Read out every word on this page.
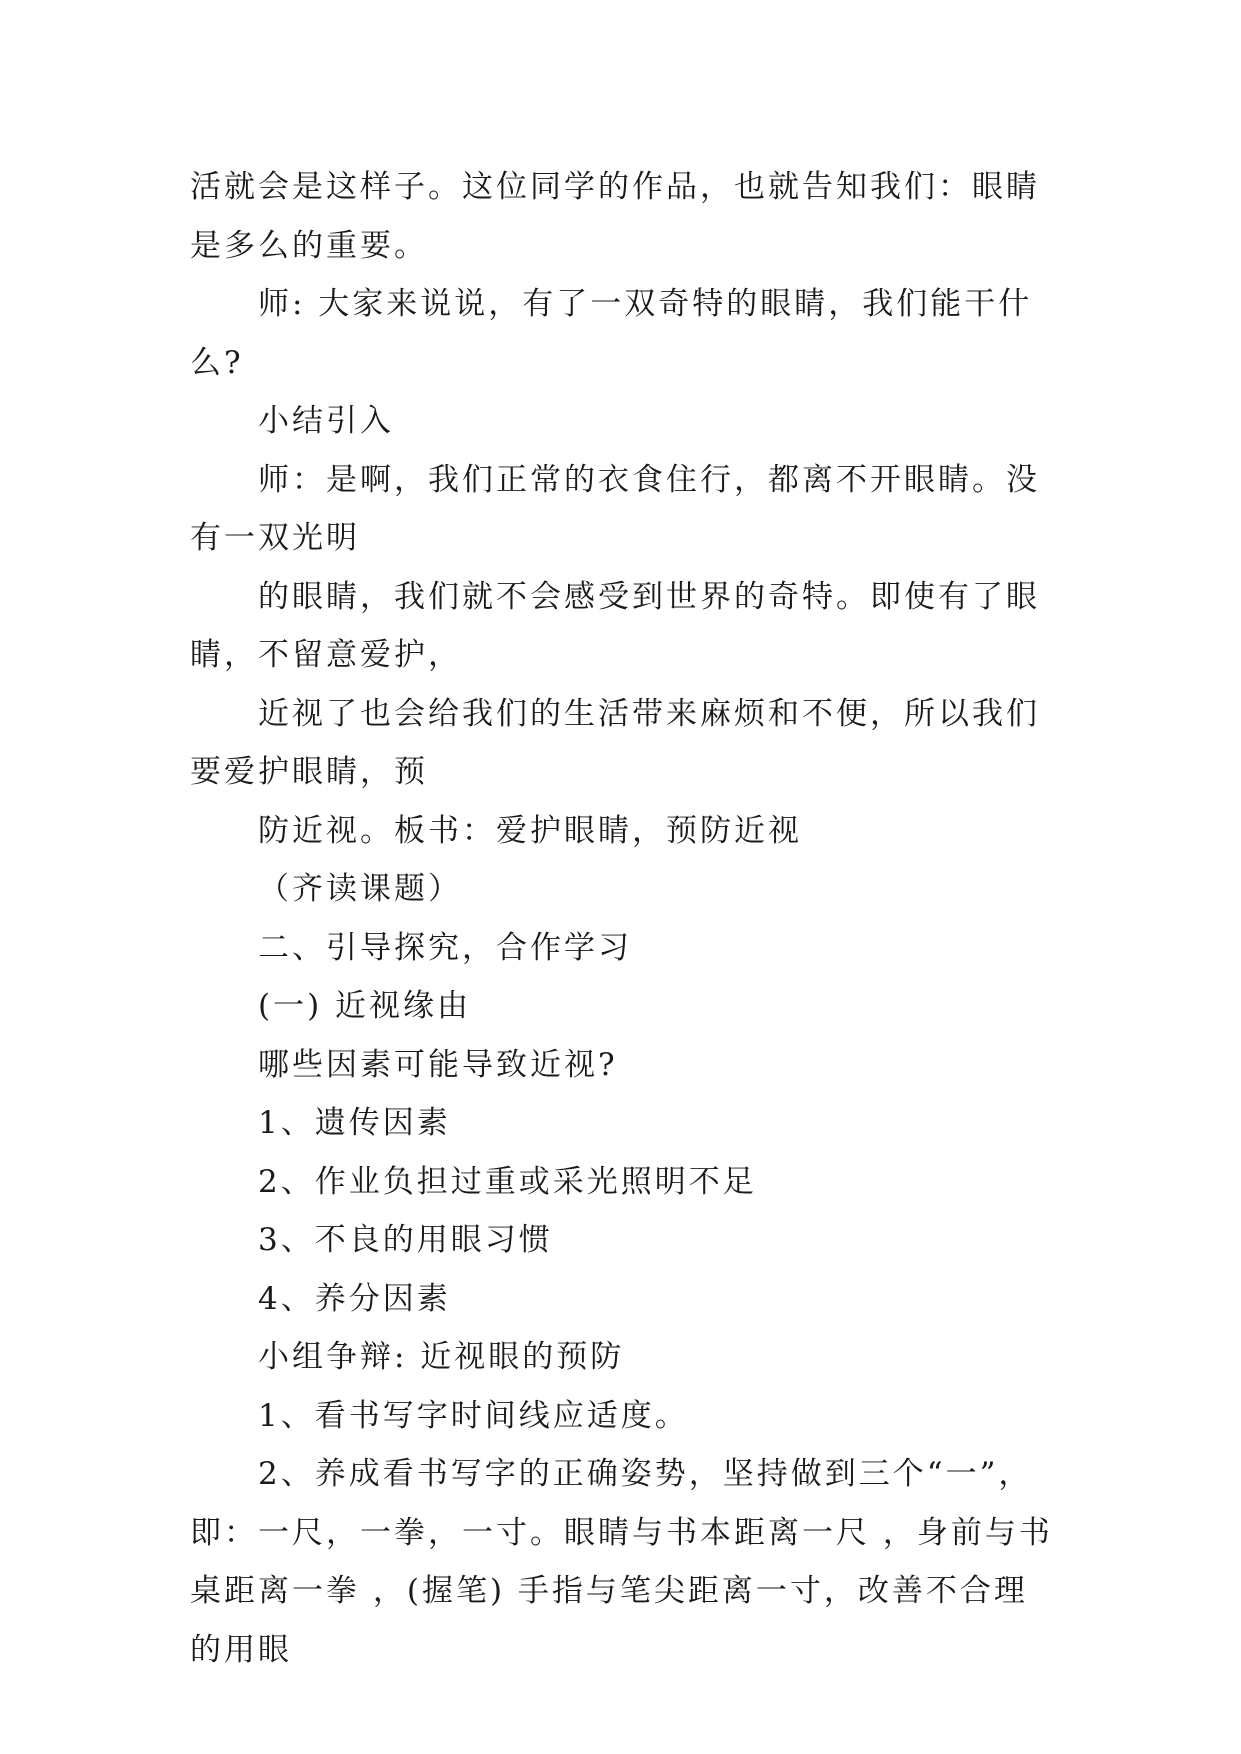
活就会是这样子。这位同学的作品，也就告知我们：眼睛是多么的重要。

师: 大家来说说，有了一双奇特的眼睛，我们能干什么?

小结引入

师：是啊，我们正常的衣食住行，都离不开眼睛。没有一双光明

的眼睛，我们就不会感受到世界的奇特。即使有了眼睛，不留意爱护，

近视了也会给我们的生活带来麻烦和不便，所以我们要爱护眼睛，预

防近视。板书：爱护眼睛，预防近视

（齐读课题）

二、引导探究，合作学习

(一) 近视缘由

哪些因素可能导致近视?

1、遗传因素

2、作业负担过重或采光照明不足

3、不良的用眼习惯

4、养分因素

小组争辩: 近视眼的预防

1、看书写字时间线应适度。

2、养成看书写字的正确姿势，坚持做到三个“一”，即：一尺，一拳，一寸。眼睛与书本距离一尺 ，身前与书桌距离一拳 ，(握笔) 手指与笔尖距离一寸，改善不合理的用眼
